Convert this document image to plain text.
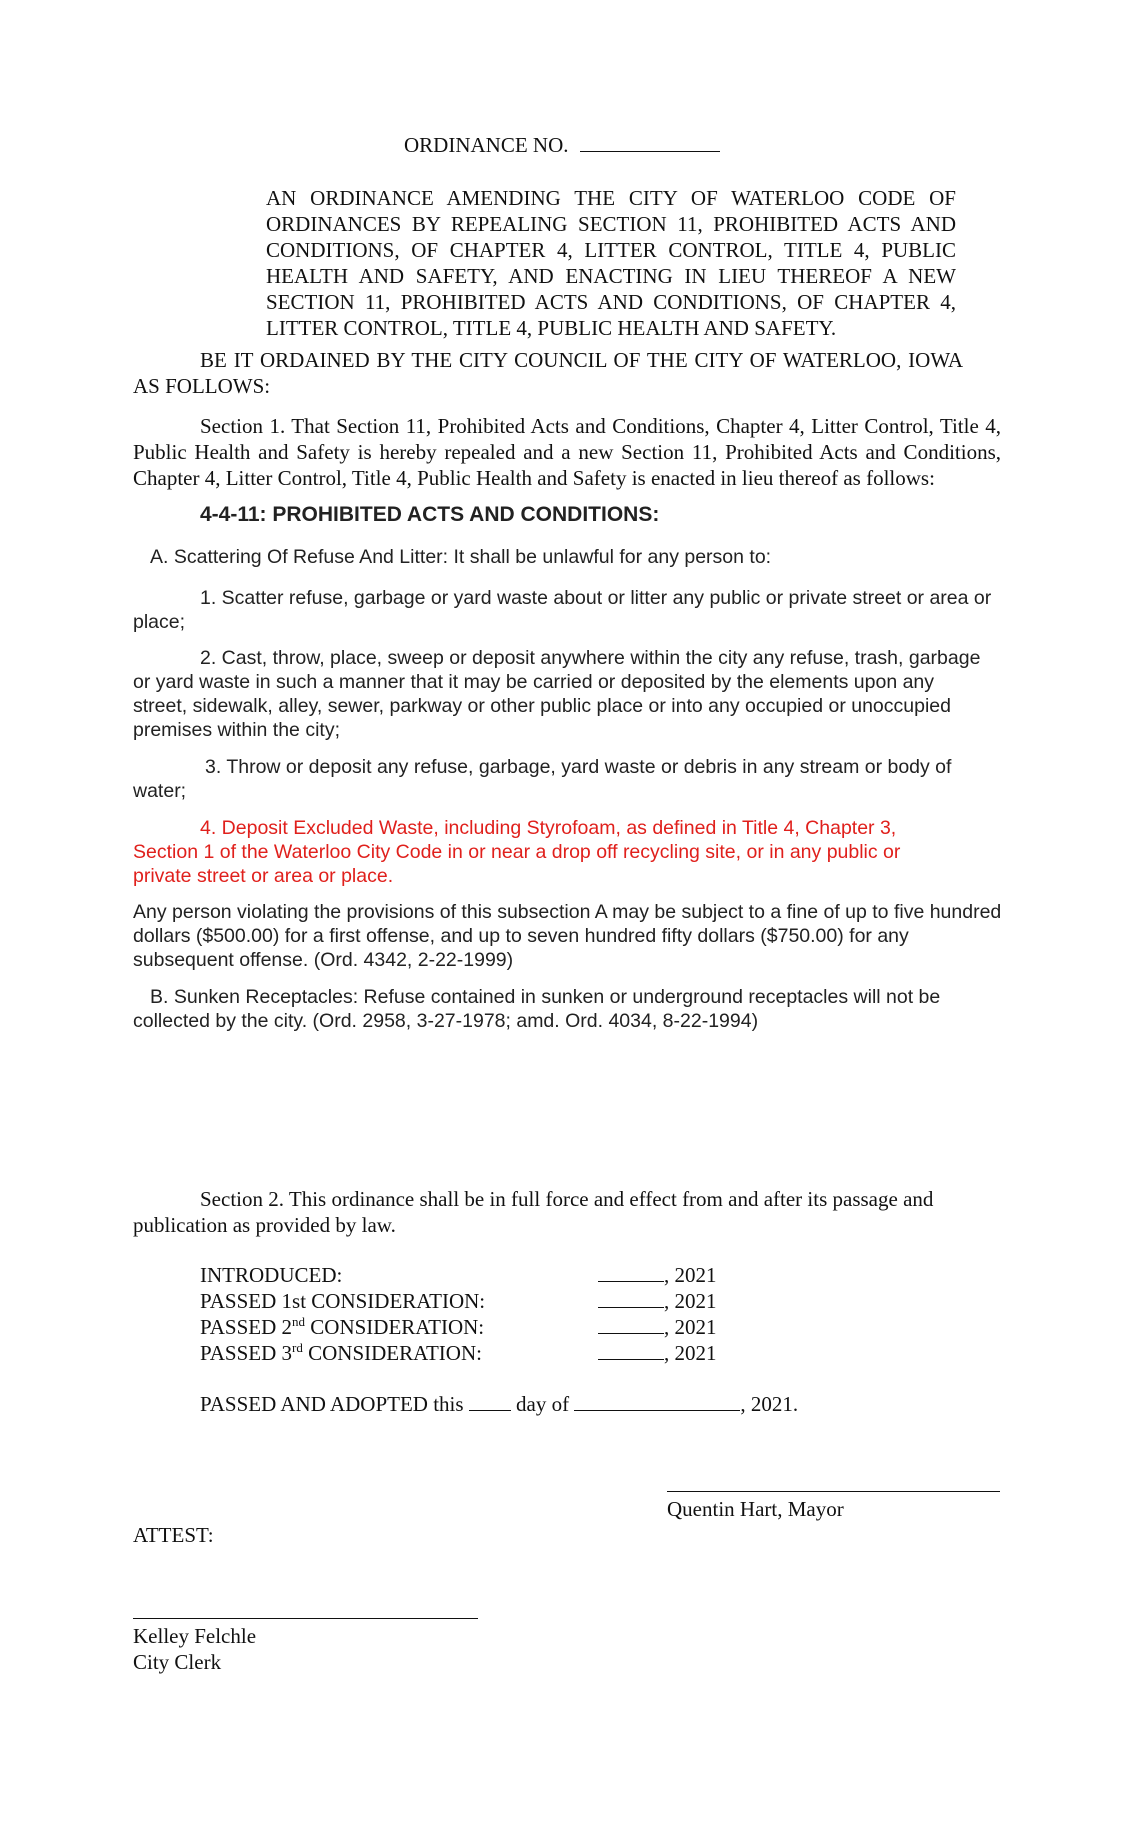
ORDINANCE NO.

AN ORDINANCE AMENDING THE CITY OF WATERLOO CODE OF
ORDINANCES BY REPEALING SECTION 11, PROHIBITED ACTS AND
CONDITIONS, OF CHAPTER 4, LITTER CONTROL, TITLE 4, PUBLIC
HEALTH AND SAFETY, AND ENACTING IN LIEU THEREOF A NEW
SECTION 11, PROHIBITED ACTS AND CONDITIONS, OF CHAPTER 4,
LITTER CONTROL, TITLE 4, PUBLIC HEALTH AND SAFETY.

BE IT ORDAINED BY THE CITY COUNCIL OF THE CITY OF WATERLOO, IOWA AS FOLLOWS:

Section 1. That Section 11, Prohibited Acts and Conditions, Chapter 4, Litter Control, Title 4, Public Health and Safety is hereby repealed and a new Section 11, Prohibited Acts and Conditions, Chapter 4, Litter Control, Title 4, Public Health and Safety is enacted in lieu thereof as follows:

4-4-11: PROHIBITED ACTS AND CONDITIONS:

A. Scattering Of Refuse And Litter: It shall be unlawful for any person to:

1. Scatter refuse, garbage or yard waste about or litter any public or private street or area or place;

2. Cast, throw, place, sweep or deposit anywhere within the city any refuse, trash, garbage or yard waste in such a manner that it may be carried or deposited by the elements upon any street, sidewalk, alley, sewer, parkway or other public place or into any occupied or unoccupied premises within the city;

3. Throw or deposit any refuse, garbage, yard waste or debris in any stream or body of water;

4. Deposit Excluded Waste, including Styrofoam, as defined in Title 4, Chapter 3, Section 1 of the Waterloo City Code in or near a drop off recycling site, or in any public or private street or area or place.

Any person violating the provisions of this subsection A may be subject to a fine of up to five hundred dollars ($500.00) for a first offense, and up to seven hundred fifty dollars ($750.00) for any subsequent offense. (Ord. 4342, 2-22-1999)

B. Sunken Receptacles: Refuse contained in sunken or underground receptacles will not be collected by the city. (Ord. 2958, 3-27-1978; amd. Ord. 4034, 8-22-1994)

Section 2. This ordinance shall be in full force and effect from and after its passage and publication as provided by law.

INTRODUCED:	, 2021
PASSED 1st CONSIDERATION:	, 2021
PASSED 2nd CONSIDERATION:	, 2021
PASSED 3rd CONSIDERATION:	, 2021

PASSED AND ADOPTED this	day of	, 2021.

Quentin Hart, Mayor

ATTEST:

Kelley Felchle

City Clerk
